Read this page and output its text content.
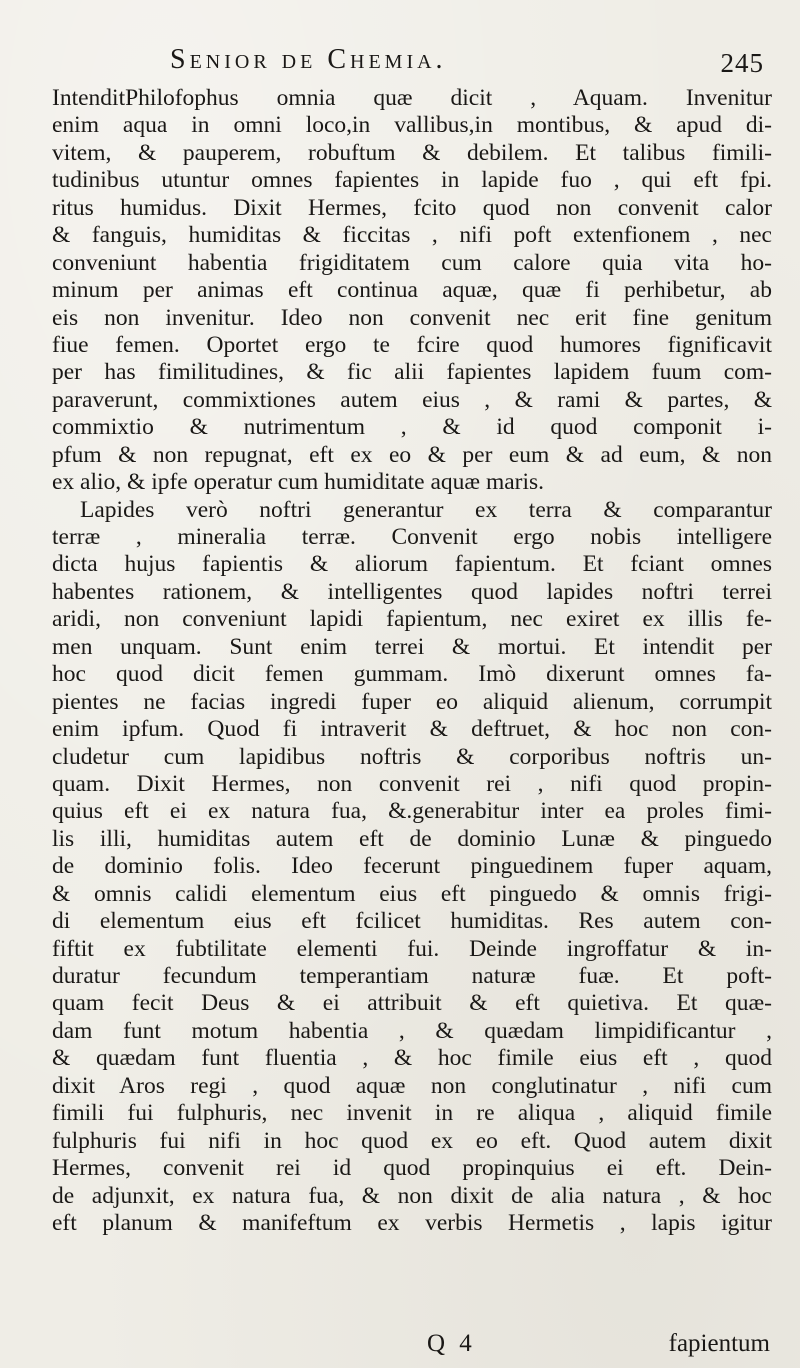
Senior de Chemia.	245
IntenditPhilofophus omnia quæ dicit , Aquam. Invenitur
enim aqua in omni loco,in vallibus,in montibus, & apud di-
vitem, & pauperem, robuftum & debilem. Et talibus fimili-
tudinibus utuntur omnes fapientes in lapide fuo , qui eft fpi.
ritus humidus. Dixit Hermes, fcito quod non convenit calor
& fanguis, humiditas & ficcitas , nifi poft extenfionem , nec
conveniunt habentia frigiditatem cum calore quia vita ho-
minum per animas eft continua aquæ, quæ fi perhibetur, ab
eis non invenitur. Ideo non convenit nec erit fine genitum
fiue femen. Oportet ergo te fcire quod humores fignificavit
per has fimilitudines, & fic alii fapientes lapidem fuum com-
paraverunt, commixtiones autem eius , & rami & partes, &
commixtio & nutrimentum , & id quod componit i-
pfum & non repugnat, eft ex eo & per eum & ad eum, & non
ex alio, & ipfe operatur cum humiditate aquæ maris.
Lapides verò noftri generantur ex terra & comparantur
terræ , mineralia terræ. Convenit ergo nobis intelligere
dicta hujus fapientis & aliorum fapientum. Et fciant omnes
habentes rationem, & intelligentes quod lapides noftri terrei
aridi, non conveniunt lapidi fapientum, nec exiret ex illis fe-
men unquam. Sunt enim terrei & mortui. Et intendit per
hoc quod dicit femen gummam. Imò dixerunt omnes fa-
pientes ne facias ingredi fuper eo aliquid alienum, corrumpit
enim ipfum. Quod fi intraverit & deftruet, & hoc non con-
cludetur cum lapidibus noftris & corporibus noftris un-
quam. Dixit Hermes, non convenit rei , nifi quod propin-
quius eft ei ex natura fua, &.generabitur inter ea proles fimi-
lis illi, humiditas autem eft de dominio Lunæ & pinguedo
de dominio folis. Ideo fecerunt pinguedinem fuper aquam,
& omnis calidi elementum eius eft pinguedo & omnis frigi-
di elementum eius eft fcilicet humiditas. Res autem con-
fiftit ex fubtilitate elementi fui. Deinde ingroffatur & in-
duratur fecundum temperantiam naturæ fuæ. Et poft-
quam fecit Deus & ei attribuit & eft quietiva. Et quæ-
dam funt motum habentia , & quædam limpidificantur ,
& quædam funt fluentia , & hoc fimile eius eft , quod
dixit Aros regi , quod aquæ non conglutinatur , nifi cum
fimili fui fulphuris, nec invenit in re aliqua , aliquid fimile
fulphuris fui nifi in hoc quod ex eo eft. Quod autem dixit
Hermes, convenit rei id quod propinquius ei eft. Dein-
de adjunxit, ex natura fua, & non dixit de alia natura , & hoc
eft planum & manifeftum ex verbis Hermetis , lapis igitur
Q 4	fapientum
